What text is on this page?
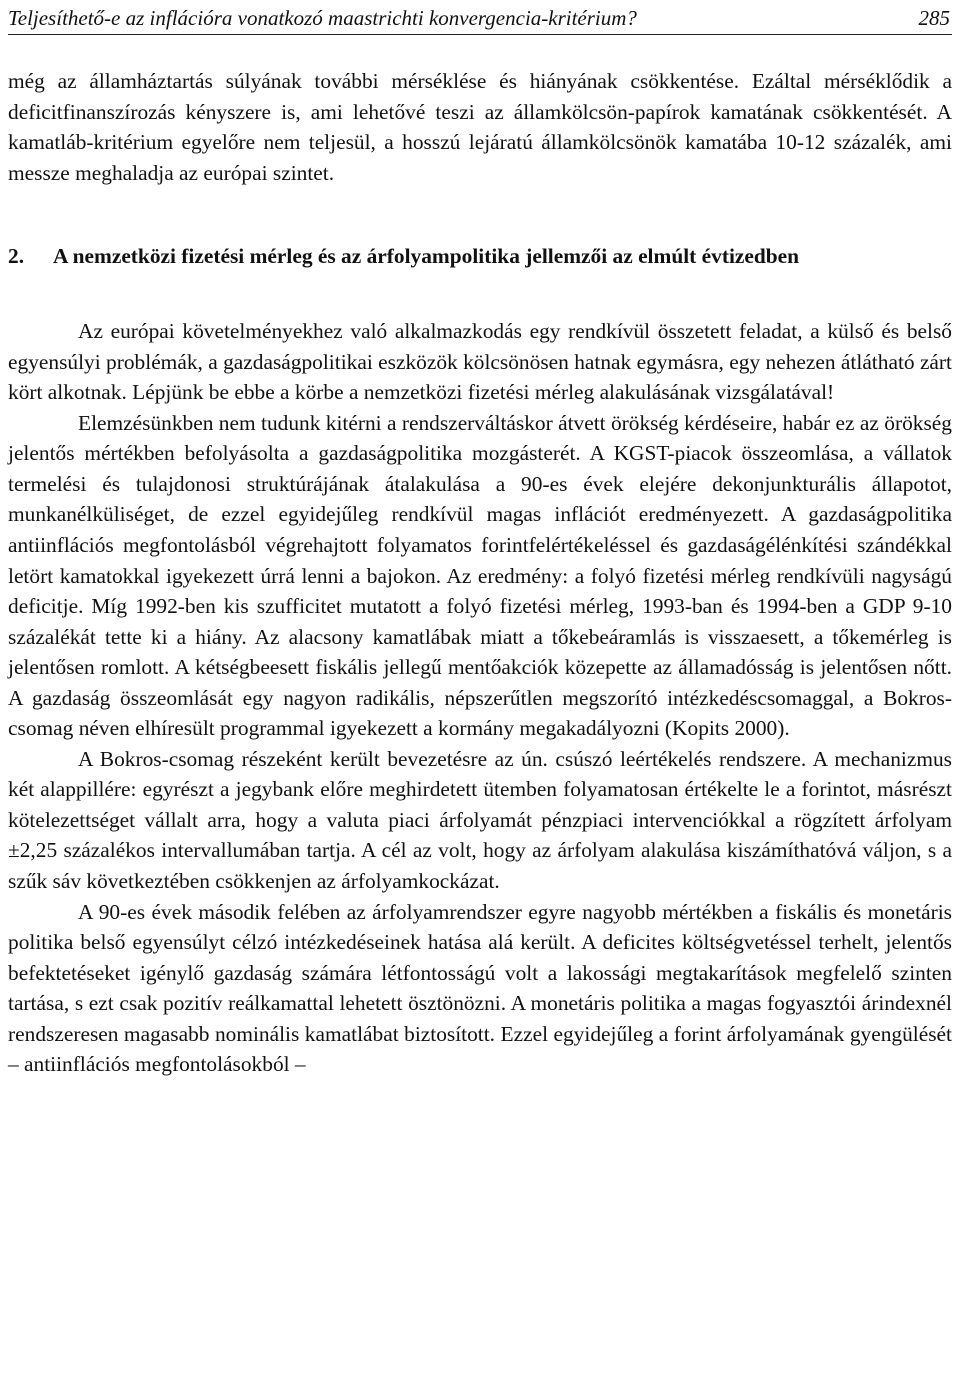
Teljesíthető-e az inflációra vonatkozó maastrichti konvergencia-kritérium?	285

még az államháztartás súlyának további mérséklése és hiányának csökkentése. Ezáltal mérséklődik a deficitfinanszírozás kényszere is, ami lehetővé teszi az államkölcsön-papírok kamatának csökkentését. A kamatláb-kritérium egyelőre nem teljesül, a hosszú lejáratú államkölcsönök kamatába 10-12 százalék, ami messze meghaladja az európai szintet.

2. A nemzetközi fizetési mérleg és az árfolyampolitika jellemzői az elmúlt évtizedben

Az európai követelményekhez való alkalmazkodás egy rendkívül összetett feladat, a külső és belső egyensúlyi problémák, a gazdaságpolitikai eszközök kölcsönösen hatnak egymásra, egy nehezen átlátható zárt kört alkotnak. Lépjünk be ebbe a körbe a nemzetközi fizetési mérleg alakulásának vizsgálatával!

Elemzésünkben nem tudunk kitérni a rendszerváltáskor átvett örökség kérdéseire, habár ez az örökség jelentős mértékben befolyásolta a gazdaságpolitika mozgásterét. A KGST-piacok összeomlása, a vállatok termelési és tulajdonosi struktúrájának átalakulása a 90-es évek elejére dekonjunkturális állapotot, munkanélküliséget, de ezzel egyidejűleg rendkívül magas inflációt eredményezett. A gazdaságpolitika antiinflációs megfontolásból végrehajtott folyamatos forintfelértékeléssel és gazdaságélénkítési szándékkal letört kamatokkal igyekezett úrrá lenni a bajokon. Az eredmény: a folyó fizetési mérleg rendkívüli nagyságú deficitje. Míg 1992-ben kis szufficitet mutatott a folyó fizetési mérleg, 1993-ban és 1994-ben a GDP 9-10 százalékát tette ki a hiány. Az alacsony kamatlábak miatt a tőkebeáramlás is visszaesett, a tőkemérleg is jelentősen romlott. A kétségbeesett fiskális jellegű mentőakciók közepette az államadósság is jelentősen nőtt. A gazdaság összeomlását egy nagyon radikális, népszerűtlen megszorító intézkedéscsomaggal, a Bokros-csomag néven elhíresült programmal igyekezett a kormány megakadályozni (Kopits 2000).

A Bokros-csomag részeként került bevezetésre az ún. csúszó leértékelés rendszere. A mechanizmus két alappillére: egyrészt a jegybank előre meghirdetett ütemben folyamatosan értékelte le a forintot, másrészt kötelezettséget vállalt arra, hogy a valuta piaci árfolyamát pénzpiaci intervenciókkal a rögzített árfolyam ±2,25 százalékos intervallumában tartja. A cél az volt, hogy az árfolyam alakulása kiszámíthatóvá váljon, s a szűk sáv következtében csökkenjen az árfolyamkockázat.

A 90-es évek második felében az árfolyamrendszer egyre nagyobb mértékben a fiskális és monetáris politika belső egyensúlyt célzó intézkedéseinek hatása alá került. A deficites költségvetéssel terhelt, jelentős befektetéseket igénylő gazdaság számára létfontosságú volt a lakossági megtakarítások megfelelő szinten tartása, s ezt csak pozitív reálkamattal lehetett ösztönözni. A monetáris politika a magas fogyasztói árindexnél rendszeresen magasabb nominális kamatlábat biztosított. Ezzel egyidejűleg a forint árfolyamának gyengülését – antiinflációs megfontolásokból –
